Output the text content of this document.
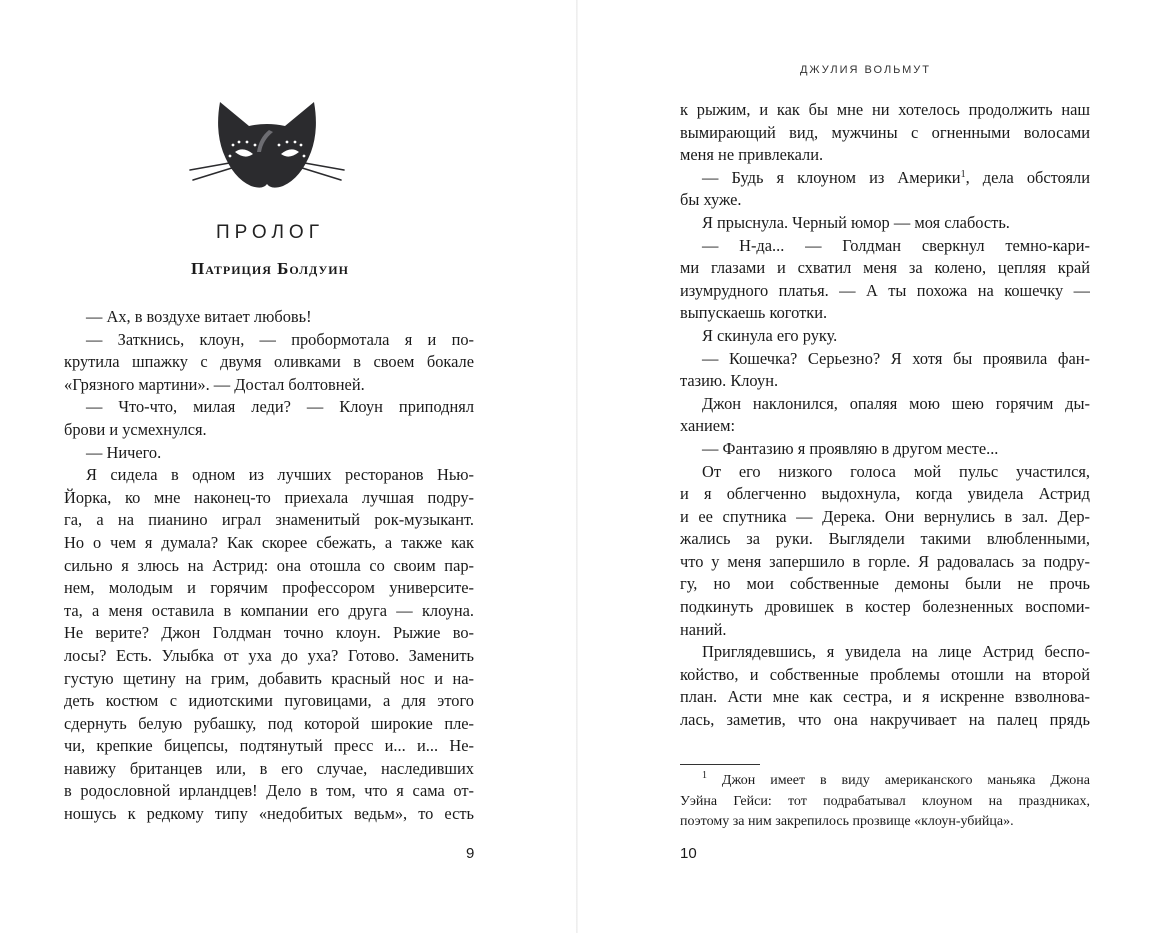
ПРОЛОГ
Патриция Болдуин
— Ах, в воздухе витает любовь!
— Заткнись, клоун, — пробормотала я и по-
крутила шпажку с двумя оливками в своем бокале
«Грязного мартини». — Достал болтовней.
— Что-что, милая леди? — Клоун приподнял
брови и усмехнулся.
— Ничего.
Я сидела в одном из лучших ресторанов Нью-
Йорка, ко мне наконец-то приехала лучшая подру-
га, а на пианино играл знаменитый рок-музыкант.
Но о чем я думала? Как скорее сбежать, а также как
сильно я злюсь на Астрид: она отошла со своим пар-
нем, молодым и горячим профессором университе-
та, а меня оставила в компании его друга — клоуна.
Не верите? Джон Голдман точно клоун. Рыжие во-
лосы? Есть. Улыбка от уха до уха? Готово. Заменить
густую щетину на грим, добавить красный нос и на-
деть костюм с идиотскими пуговицами, а для этого
сдернуть белую рубашку, под которой широкие пле-
чи, крепкие бицепсы, подтянутый пресс и... и... Не-
навижу британцев или, в его случае, наследивших
в родословной ирландцев! Дело в том, что я сама от-
ношусь к редкому типу «недобитых ведьм», то есть
9
ДЖУЛИЯ ВОЛЬМУТ
к рыжим, и как бы мне ни хотелось продолжить наш
вымирающий вид, мужчины с огненными волосами
меня не привлекали.
— Будь я клоуном из Америки$^1$, дела обстояли
бы хуже.
Я прыснула. Черный юмор — моя слабость.
— Н-да... — Голдман сверкнул темно-кари-
ми глазами и схватил меня за колено, цепляя край
изумрудного платья. — А ты похожа на кошечку —
выпускаешь коготки.
Я скинула его руку.
— Кошечка? Серьезно? Я хотя бы проявила фан-
тазию. Клоун.
Джон наклонился, опаляя мою шею горячим ды-
ханием:
— Фантазию я проявляю в другом месте...
От его низкого голоса мой пульс участился,
и я облегченно выдохнула, когда увидела Астрид
и ее спутника — Дерека. Они вернулись в зал. Дер-
жались за руки. Выглядели такими влюбленными,
что у меня запершило в горле. Я радовалась за подру-
гу, но мои собственные демоны были не прочь
подкинуть дровишек в костер болезненных воспоми-
наний.
Приглядевшись, я увидела на лице Астрид беспо-
койство, и собственные проблемы отошли на второй
план. Асти мне как сестра, и я искренне взволнова-
лась, заметив, что она накручивает на палец прядь
$^1$ Джон имеет в виду американского маньяка Джона
Уэйна Гейси: тот подрабатывал клоуном на праздниках,
поэтому за ним закрепилось прозвище «клоун-убийца».
10
